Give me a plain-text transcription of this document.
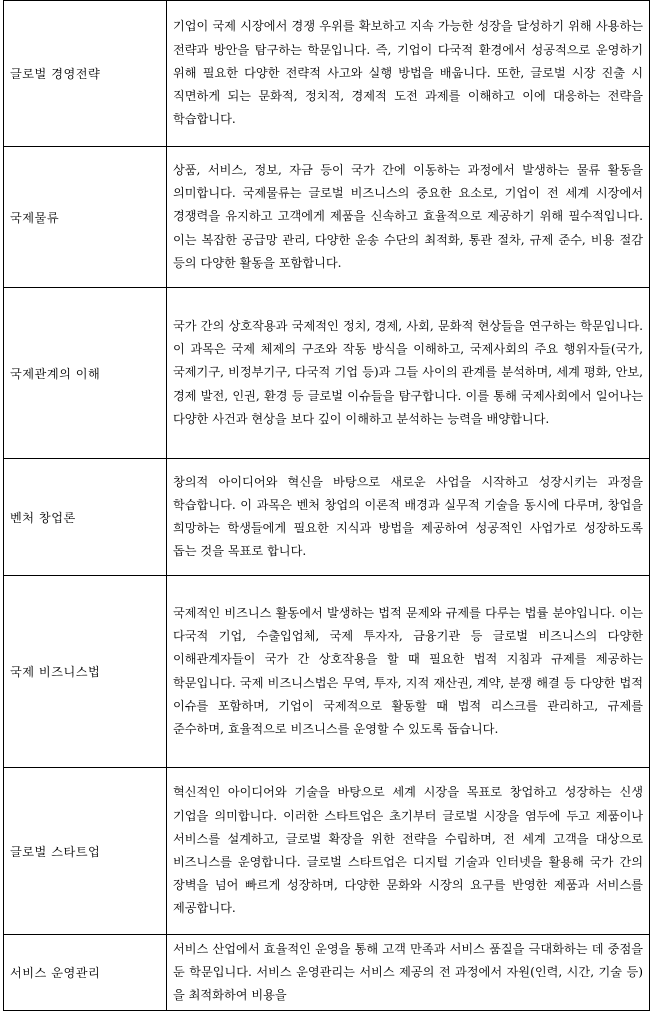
글로벌 경영전략	기업이 국제 시장에서 경쟁 우위를 확보하고 지속 가능한 성장을 달성하기 위해 사용하는 전략과 방안을 탐구하는 학문입니다. 즉, 기업이 다국적 환경에서 성공적으로 운영하기 위해 필요한 다양한 전략적 사고와 실행 방법을 배웁니다. 또한, 글로벌 시장 진출 시 직면하게 되는 문화적, 정치적, 경제적 도전 과제를 이해하고 이에 대응하는 전략을 학습합니다.
국제물류	상품, 서비스, 정보, 자금 등이 국가 간에 이동하는 과정에서 발생하는 물류 활동을 의미합니다. 국제물류는 글로벌 비즈니스의 중요한 요소로, 기업이 전 세계 시장에서 경쟁력을 유지하고 고객에게 제품을 신속하고 효율적으로 제공하기 위해 필수적입니다. 이는 복잡한 공급망 관리, 다양한 운송 수단의 최적화, 통관 절차, 규제 준수, 비용 절감 등의 다양한 활동을 포함합니다.
국제관계의 이해	국가 간의 상호작용과 국제적인 정치, 경제, 사회, 문화적 현상들을 연구하는 학문입니다. 이 과목은 국제 체제의 구조와 작동 방식을 이해하고, 국제사회의 주요 행위자들(국가, 국제기구, 비정부기구, 다국적 기업 등)과 그들 사이의 관계를 분석하며, 세계 평화, 안보, 경제 발전, 인권, 환경 등 글로벌 이슈들을 탐구합니다. 이를 통해 국제사회에서 일어나는 다양한 사건과 현상을 보다 깊이 이해하고 분석하는 능력을 배양합니다.
벤처 창업론	창의적 아이디어와 혁신을 바탕으로 새로운 사업을 시작하고 성장시키는 과정을 학습합니다. 이 과목은 벤처 창업의 이론적 배경과 실무적 기술을 동시에 다루며, 창업을 희망하는 학생들에게 필요한 지식과 방법을 제공하여 성공적인 사업가로 성장하도록 돕는 것을 목표로 합니다.
국제 비즈니스법	국제적인 비즈니스 활동에서 발생하는 법적 문제와 규제를 다루는 법률 분야입니다. 이는 다국적 기업, 수출입업체, 국제 투자자, 금융기관 등 글로벌 비즈니스의 다양한 이해관계자들이 국가 간 상호작용을 할 때 필요한 법적 지침과 규제를 제공하는 학문입니다. 국제 비즈니스법은 무역, 투자, 지적 재산권, 계약, 분쟁 해결 등 다양한 법적 이슈를 포함하며, 기업이 국제적으로 활동할 때 법적 리스크를 관리하고, 규제를 준수하며, 효율적으로 비즈니스를 운영할 수 있도록 돕습니다.
글로벌 스타트업	혁신적인 아이디어와 기술을 바탕으로 세계 시장을 목표로 창업하고 성장하는 신생 기업을 의미합니다. 이러한 스타트업은 초기부터 글로벌 시장을 염두에 두고 제품이나 서비스를 설계하고, 글로벌 확장을 위한 전략을 수립하며, 전 세계 고객을 대상으로 비즈니스를 운영합니다. 글로벌 스타트업은 디지털 기술과 인터넷을 활용해 국가 간의 장벽을 넘어 빠르게 성장하며, 다양한 문화와 시장의 요구를 반영한 제품과 서비스를 제공합니다.
서비스 운영관리	서비스 산업에서 효율적인 운영을 통해 고객 만족과 서비스 품질을 극대화하는 데 중점을 둔 학문입니다. 서비스 운영관리는 서비스 제공의 전 과정에서 자원(인력, 시간, 기술 등)을 최적화하여 비용을
